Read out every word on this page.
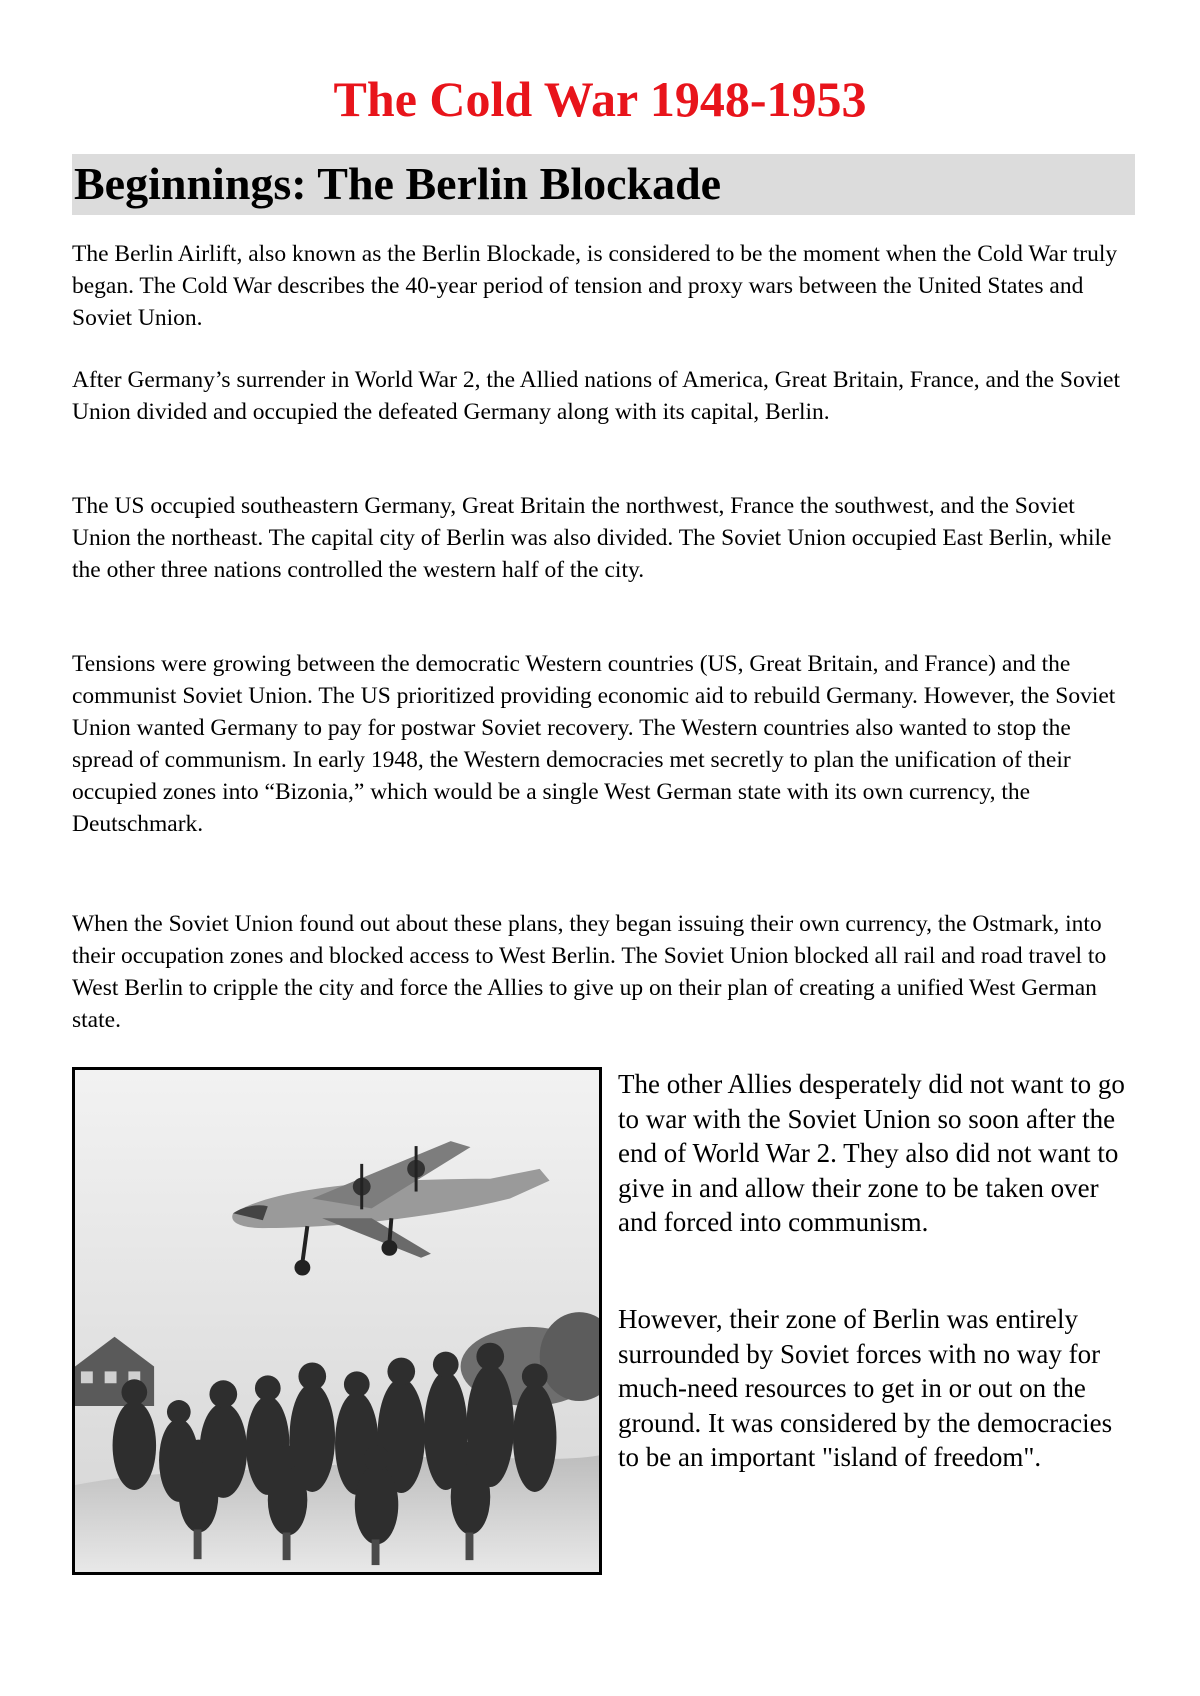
The Cold War 1948-1953
Beginnings: The Berlin Blockade

The Berlin Airlift, also known as the Berlin Blockade, is considered to be the moment when the Cold War truly began. The Cold War describes the 40-year period of tension and proxy wars between the United States and Soviet Union.

After Germany’s surrender in World War 2, the Allied nations of America, Great Britain, France, and the Soviet Union divided and occupied the defeated Germany along with its capital, Berlin.

The US occupied southeastern Germany, Great Britain the northwest, France the southwest, and the Soviet Union the northeast. The capital city of Berlin was also divided. The Soviet Union occupied East Berlin, while the other three nations controlled the western half of the city.

Tensions were growing between the democratic Western countries (US, Great Britain, and France) and the communist Soviet Union. The US prioritized providing economic aid to rebuild Germany. However, the Soviet Union wanted Germany to pay for postwar Soviet recovery. The Western countries also wanted to stop the spread of communism. In early 1948, the Western democracies met secretly to plan the unification of their occupied zones into “Bizonia,” which would be a single West German state with its own currency, the Deutschmark.

When the Soviet Union found out about these plans, they began issuing their own currency, the Ostmark, into their occupation zones and blocked access to West Berlin. The Soviet Union blocked all rail and road travel to West Berlin to cripple the city and force the Allies to give up on their plan of creating a unified West German state.

The other Allies desperately did not want to go to war with the Soviet Union so soon after the end of World War 2. They also did not want to give in and allow their zone to be taken over and forced into communism.

However, their zone of Berlin was entirely surrounded by Soviet forces with no way for much-need resources to get in or out on the ground. It was considered by the democracies to be an important "island of freedom".
